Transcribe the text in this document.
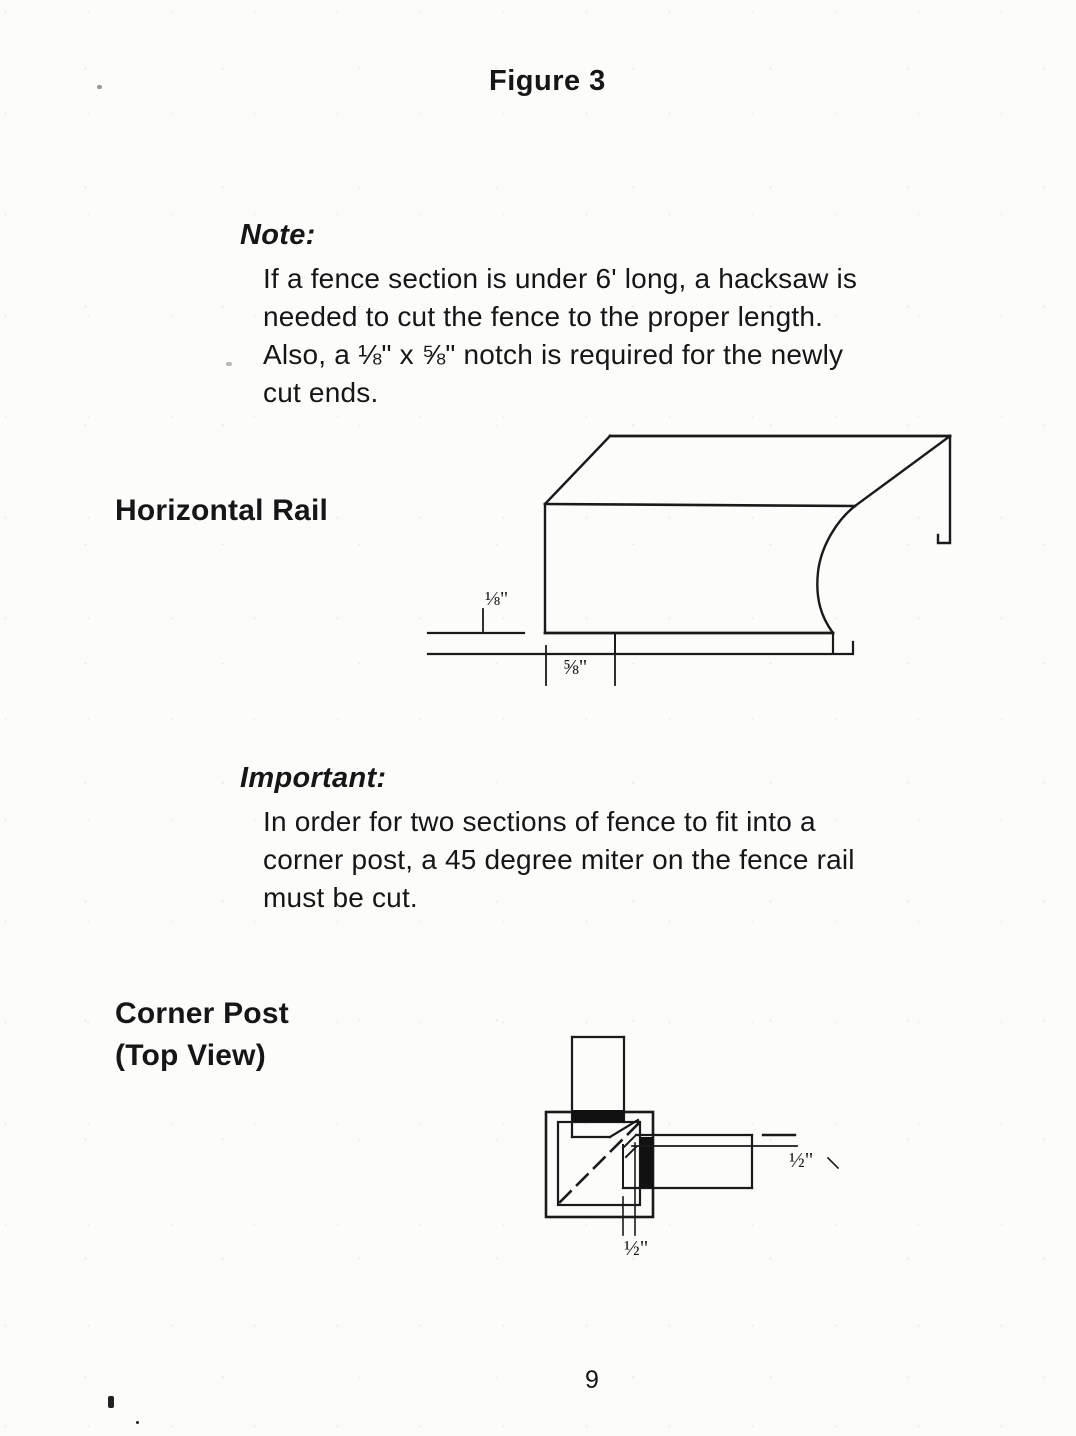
Figure 3
Note:
If a fence section is under 6' long, a hacksaw is
needed to cut the fence to the proper length.
Also, a ⅛" x ⅝" notch is required for the newly
cut ends.
Horizontal Rail
⅛"
⅝"
Important:
In order for two sections of fence to fit into a
corner post, a 45 degree miter on the fence rail
must be cut.
Corner Post
(Top View)
½"
½"
9
